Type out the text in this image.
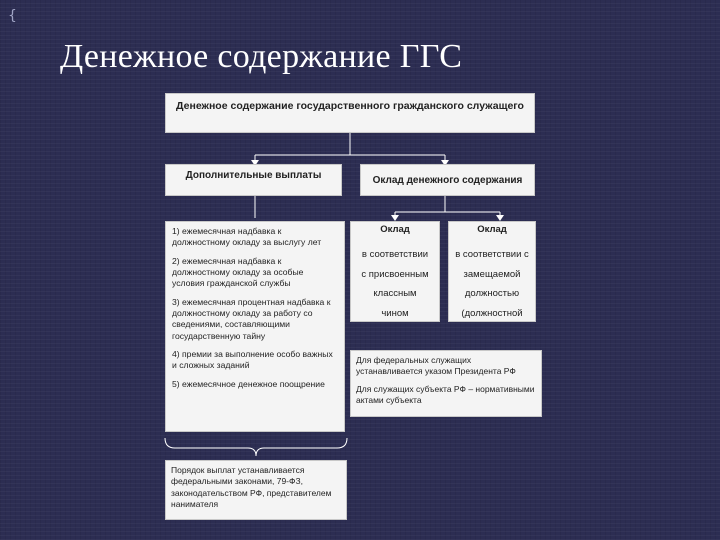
{
Денежное содержание ГГС
Денежное содержание государственного гражданского служащего
Дополнительные выплаты	Оклад денежного содержания
Оклад
в соответствии
с присвоенным
классным
чином
Оклад
в соответствии с
замещаемой
должностью
(должностной
1) ежемесячная надбавка к должностному окладу за выслугу лет
2) ежемесячная надбавка к должностному окладу за особые условия гражданской службы
3) ежемесячная процентная надбавка к должностному окладу за работу со сведениями, составляющими государственную тайну
4) премии за выполнение особо важных и сложных заданий
5) ежемесячное денежное поощрение
Для федеральных служащих устанавливается указом Президента РФ
Для служащих субъекта РФ – нормативными актами субъекта
Порядок выплат устанавливается федеральными законами, 79-ФЗ, законодательством РФ, представителем нанимателя
